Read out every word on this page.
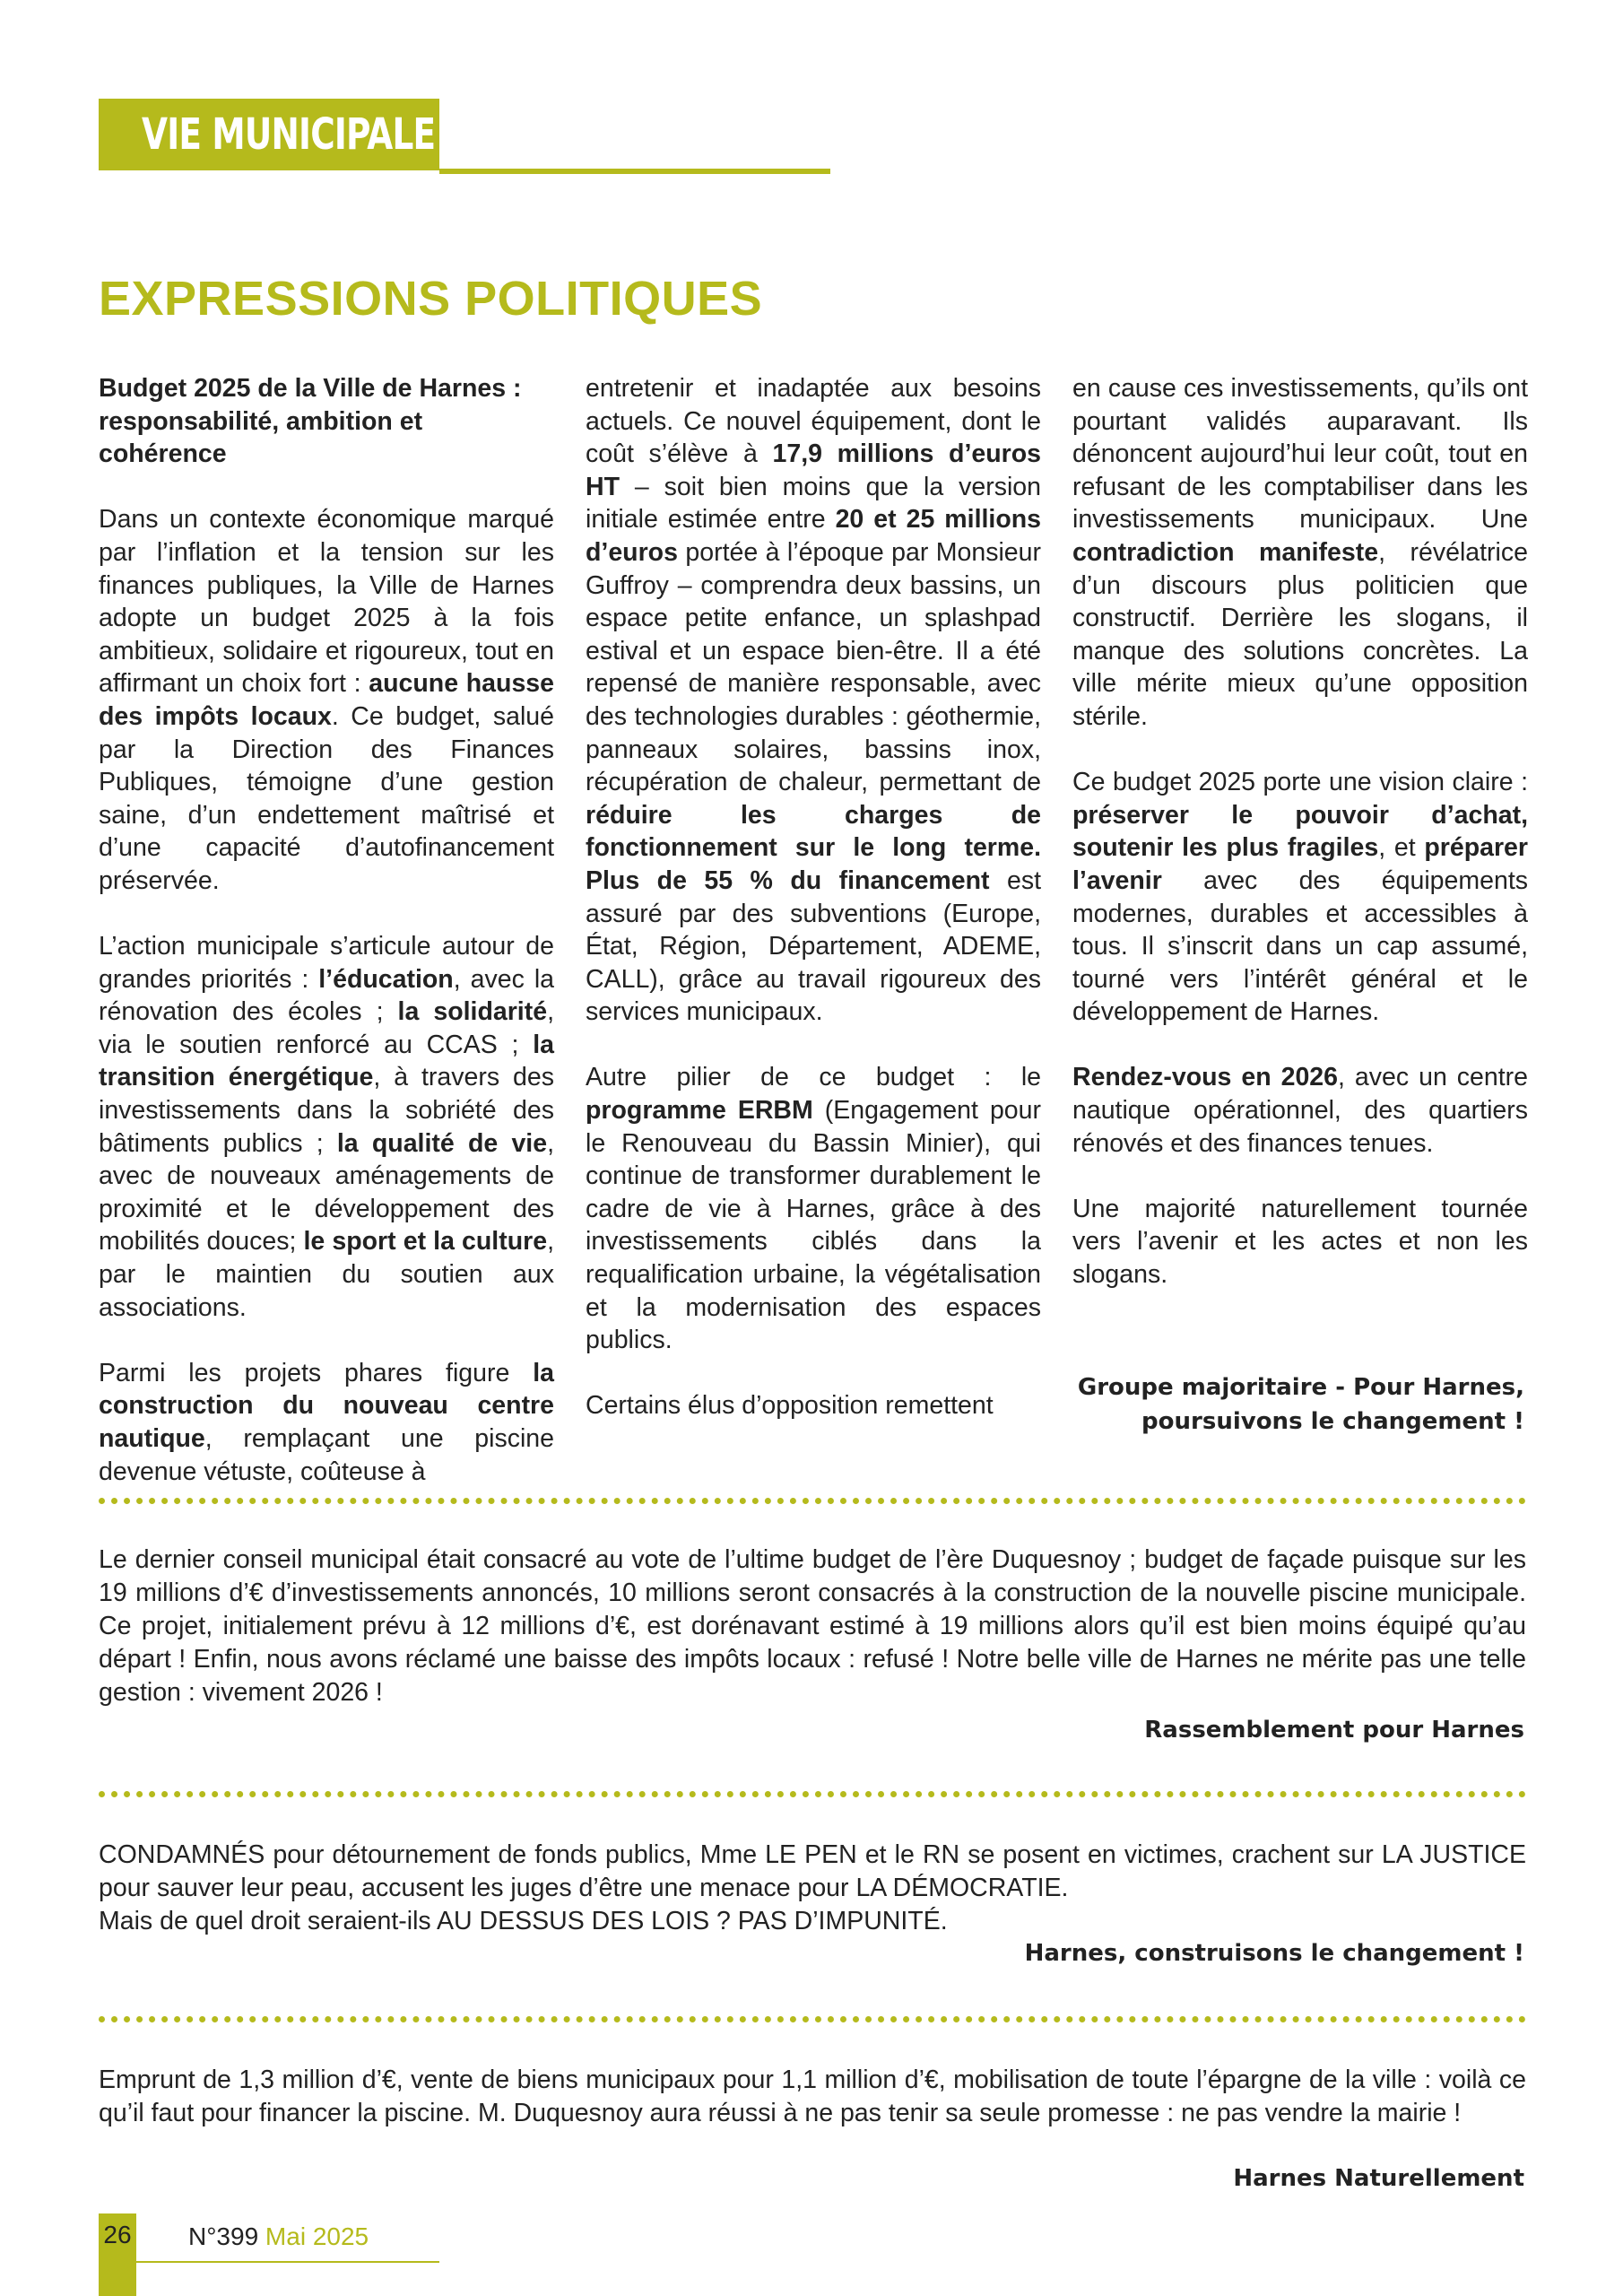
VIE MUNICIPALE
EXPRESSIONS POLITIQUES

Budget 2025 de la Ville de Harnes : responsabilité, ambition et cohérence

Dans un contexte économique marqué par l’inflation et la tension sur les finances publiques, la Ville de Harnes adopte un budget 2025 à la fois ambitieux, solidaire et rigoureux, tout en affirmant un choix fort : aucune hausse des impôts locaux. Ce budget, salué par la Direction des Finances Publiques, témoigne d’une gestion saine, d’un endettement maîtrisé et d’une capacité d’autofinancement préservée.

L’action municipale s’articule autour de grandes priorités : l’éducation, avec la rénovation des écoles ; la solidarité, via le soutien renforcé au CCAS ; la transition énergétique, à travers des investissements dans la sobriété des bâtiments publics ; la qualité de vie, avec de nouveaux aménagements de proximité et le développement des mobilités douces; le sport et la culture, par le maintien du soutien aux associations.

Parmi les projets phares figure la construction du nouveau centre nautique, remplaçant une piscine devenue vétuste, coûteuse à

entretenir et inadaptée aux besoins actuels. Ce nouvel équipement, dont le coût s’élève à 17,9 millions d’euros HT – soit bien moins que la version initiale estimée entre 20 et 25 millions d’euros portée à l’époque par Monsieur Guffroy – comprendra deux bassins, un espace petite enfance, un splashpad estival et un espace bien-être. Il a été repensé de manière responsable, avec des technologies durables : géothermie, panneaux solaires, bassins inox, récupération de chaleur, permettant de réduire les charges de fonctionnement sur le long terme. Plus de 55 % du financement est assuré par des subventions (Europe, État, Région, Département, ADEME, CALL), grâce au travail rigoureux des services municipaux.

Autre pilier de ce budget : le programme ERBM (Engagement pour le Renouveau du Bassin Minier), qui continue de transformer durablement le cadre de vie à Harnes, grâce à des investissements ciblés dans la requalification urbaine, la végétalisation et la modernisation des espaces publics.

Certains élus d’opposition remettent

en cause ces investissements, qu’ils ont pourtant validés auparavant. Ils dénoncent aujourd’hui leur coût, tout en refusant de les comptabiliser dans les investissements municipaux. Une contradiction manifeste, révélatrice d’un discours plus politicien que constructif. Derrière les slogans, il manque des solutions concrètes. La ville mérite mieux qu’une opposition stérile.

Ce budget 2025 porte une vision claire : préserver le pouvoir d’achat, soutenir les plus fragiles, et préparer l’avenir avec des équipements modernes, durables et accessibles à tous. Il s’inscrit dans un cap assumé, tourné vers l’intérêt général et le développement de Harnes.

Rendez-vous en 2026, avec un centre nautique opérationnel, des quartiers rénovés et des finances tenues.

Une majorité naturellement tournée vers l’avenir et les actes et non les slogans.

Groupe majoritaire - Pour Harnes,
poursuivons le changement !
Le dernier conseil municipal était consacré au vote de l’ultime budget de l’ère Duquesnoy ; budget de façade puisque sur les 19 millions d’€ d’investissements annoncés, 10 millions seront consacrés à la construction de la nouvelle piscine municipale. Ce projet, initialement prévu à 12 millions d’€, est dorénavant estimé à 19 millions alors qu’il est bien moins équipé qu’au départ ! Enfin, nous avons réclamé une baisse des impôts locaux : refusé ! Notre belle ville de Harnes ne mérite pas une telle gestion : vivement 2026 !
Rassemblement pour Harnes
CONDAMNÉS pour détournement de fonds publics, Mme LE PEN et le RN se posent en victimes, crachent sur LA JUSTICE pour sauver leur peau, accusent les juges d’être une menace pour LA DÉMOCRATIE.
Mais de quel droit seraient-ils AU DESSUS DES LOIS ? PAS D’IMPUNITÉ.
Harnes, construisons le changement !
Emprunt de 1,3 million d’€, vente de biens municipaux pour 1,1 million d’€, mobilisation de toute l’épargne de la ville : voilà ce qu’il faut pour financer la piscine. M. Duquesnoy aura réussi à ne pas tenir sa seule promesse : ne pas vendre la mairie !
Harnes Naturellement
26 N°399 Mai 2025
